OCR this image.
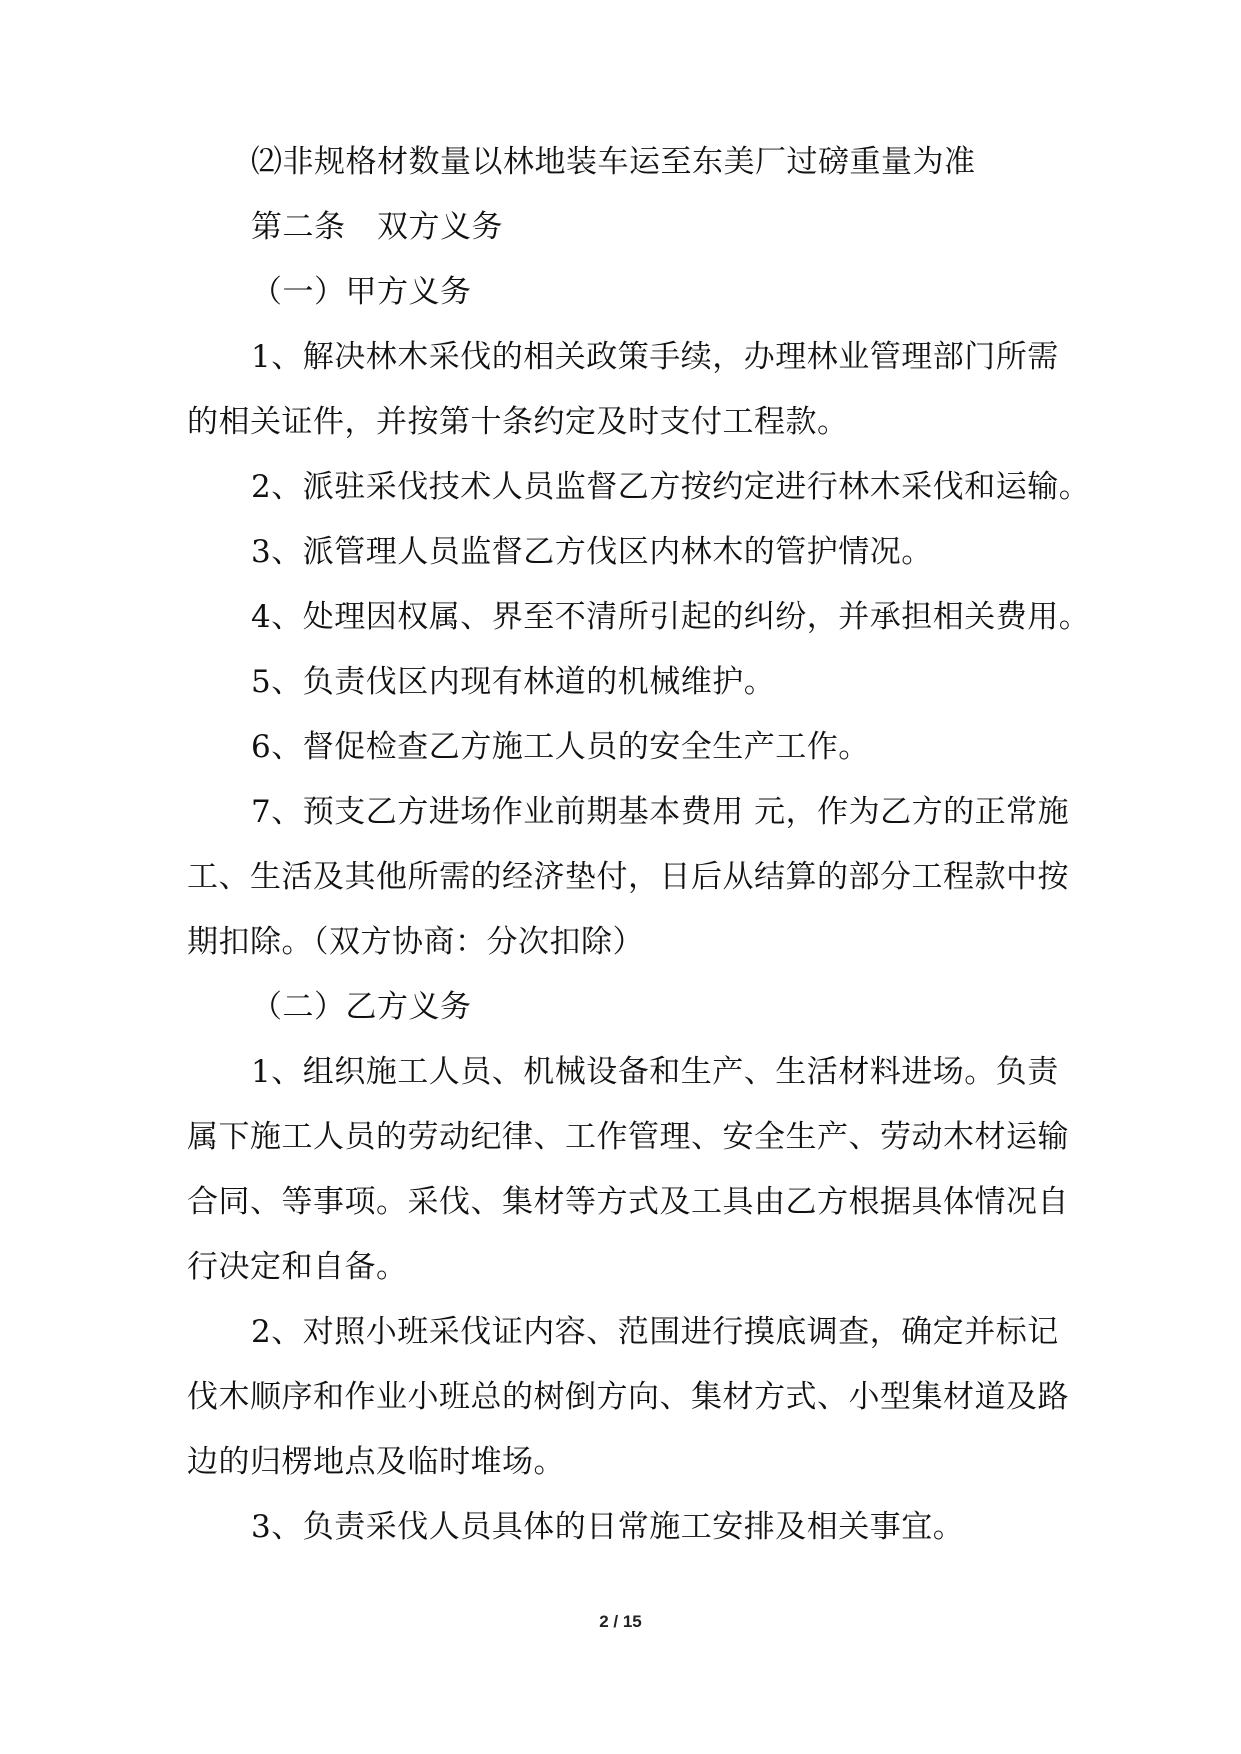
⑵非规格材数量以林地装车运至东美厂过磅重量为准

第二条　双方义务

（一）甲方义务

1、解决林木采伐的相关政策手续，办理林业管理部门所需

的相关证件，并按第十条约定及时支付工程款。

2、派驻采伐技术人员监督乙方按约定进行林木采伐和运输。

3、派管理人员监督乙方伐区内林木的管护情况。

4、处理因权属、界至不清所引起的纠纷，并承担相关费用。

5、负责伐区内现有林道的机械维护。

6、督促检查乙方施工人员的安全生产工作。

7、预支乙方进场作业前期基本费用 元，作为乙方的正常施

工、生活及其他所需的经济垫付，日后从结算的部分工程款中按

期扣除。（双方协商：分次扣除）

（二）乙方义务

1、组织施工人员、机械设备和生产、生活材料进场。负责

属下施工人员的劳动纪律、工作管理、安全生产、劳动木材运输

合同、等事项。采伐、集材等方式及工具由乙方根据具体情况自

行决定和自备。

2、对照小班采伐证内容、范围进行摸底调查，确定并标记

伐木顺序和作业小班总的树倒方向、集材方式、小型集材道及路

边的归楞地点及临时堆场。

3、负责采伐人员具体的日常施工安排及相关事宜。

2 / 15
